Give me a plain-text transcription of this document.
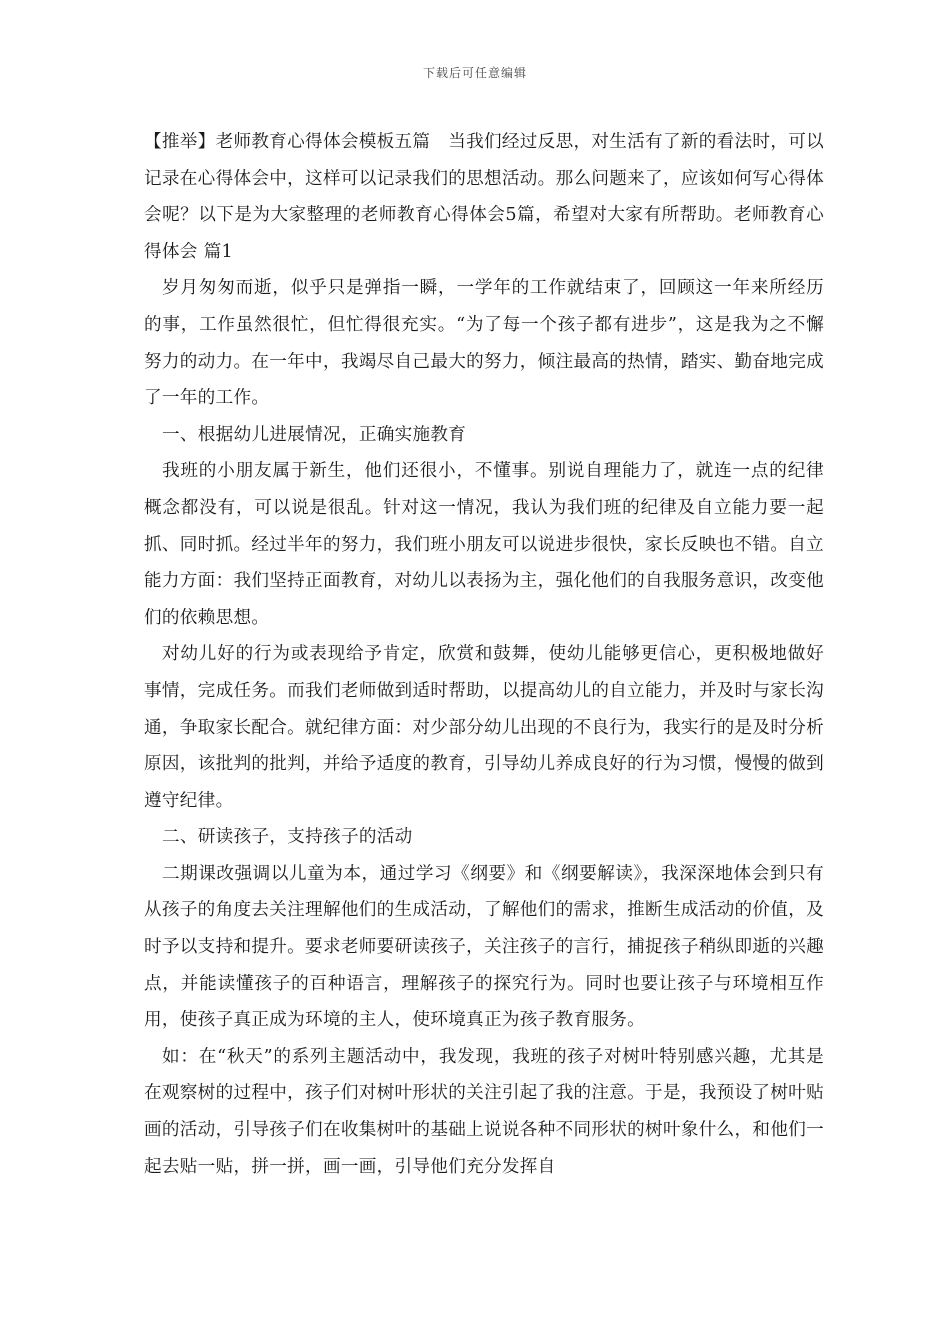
下载后可任意编辑

【推举】老师教育心得体会模板五篇　当我们经过反思，对生活有了新的看法时，可以记录在心得体会中，这样可以记录我们的思想活动。那么问题来了，应该如何写心得体会呢？以下是为大家整理的老师教育心得体会5篇，希望对大家有所帮助。老师教育心得体会 篇1

岁月匆匆而逝，似乎只是弹指一瞬，一学年的工作就结束了，回顾这一年来所经历的事，工作虽然很忙，但忙得很充实。“为了每一个孩子都有进步”，这是我为之不懈努力的动力。在一年中，我竭尽自己最大的努力，倾注最高的热情，踏实、勤奋地完成了一年的工作。

一、根据幼儿进展情况，正确实施教育

我班的小朋友属于新生，他们还很小，不懂事。别说自理能力了，就连一点的纪律概念都没有，可以说是很乱。针对这一情况，我认为我们班的纪律及自立能力要一起抓、同时抓。经过半年的努力，我们班小朋友可以说进步很快，家长反映也不错。自立能力方面：我们坚持正面教育，对幼儿以表扬为主，强化他们的自我服务意识，改变他们的依赖思想。

对幼儿好的行为或表现给予肯定，欣赏和鼓舞，使幼儿能够更信心，更积极地做好事情，完成任务。而我们老师做到适时帮助，以提高幼儿的自立能力，并及时与家长沟通，争取家长配合。就纪律方面：对少部分幼儿出现的不良行为，我实行的是及时分析原因，该批判的批判，并给予适度的教育，引导幼儿养成良好的行为习惯，慢慢的做到遵守纪律。

二、研读孩子，支持孩子的活动

二期课改强调以儿童为本，通过学习《纲要》和《纲要解读》，我深深地体会到只有从孩子的角度去关注理解他们的生成活动，了解他们的需求，推断生成活动的价值，及时予以支持和提升。要求老师要研读孩子，关注孩子的言行，捕捉孩子稍纵即逝的兴趣点，并能读懂孩子的百种语言，理解孩子的探究行为。同时也要让孩子与环境相互作用，使孩子真正成为环境的主人，使环境真正为孩子教育服务。

如：在“秋天”的系列主题活动中，我发现，我班的孩子对树叶特别感兴趣，尤其是在观察树的过程中，孩子们对树叶形状的关注引起了我的注意。于是，我预设了树叶贴画的活动，引导孩子们在收集树叶的基础上说说各种不同形状的树叶象什么，和他们一起去贴一贴，拼一拼，画一画，引导他们充分发挥自
